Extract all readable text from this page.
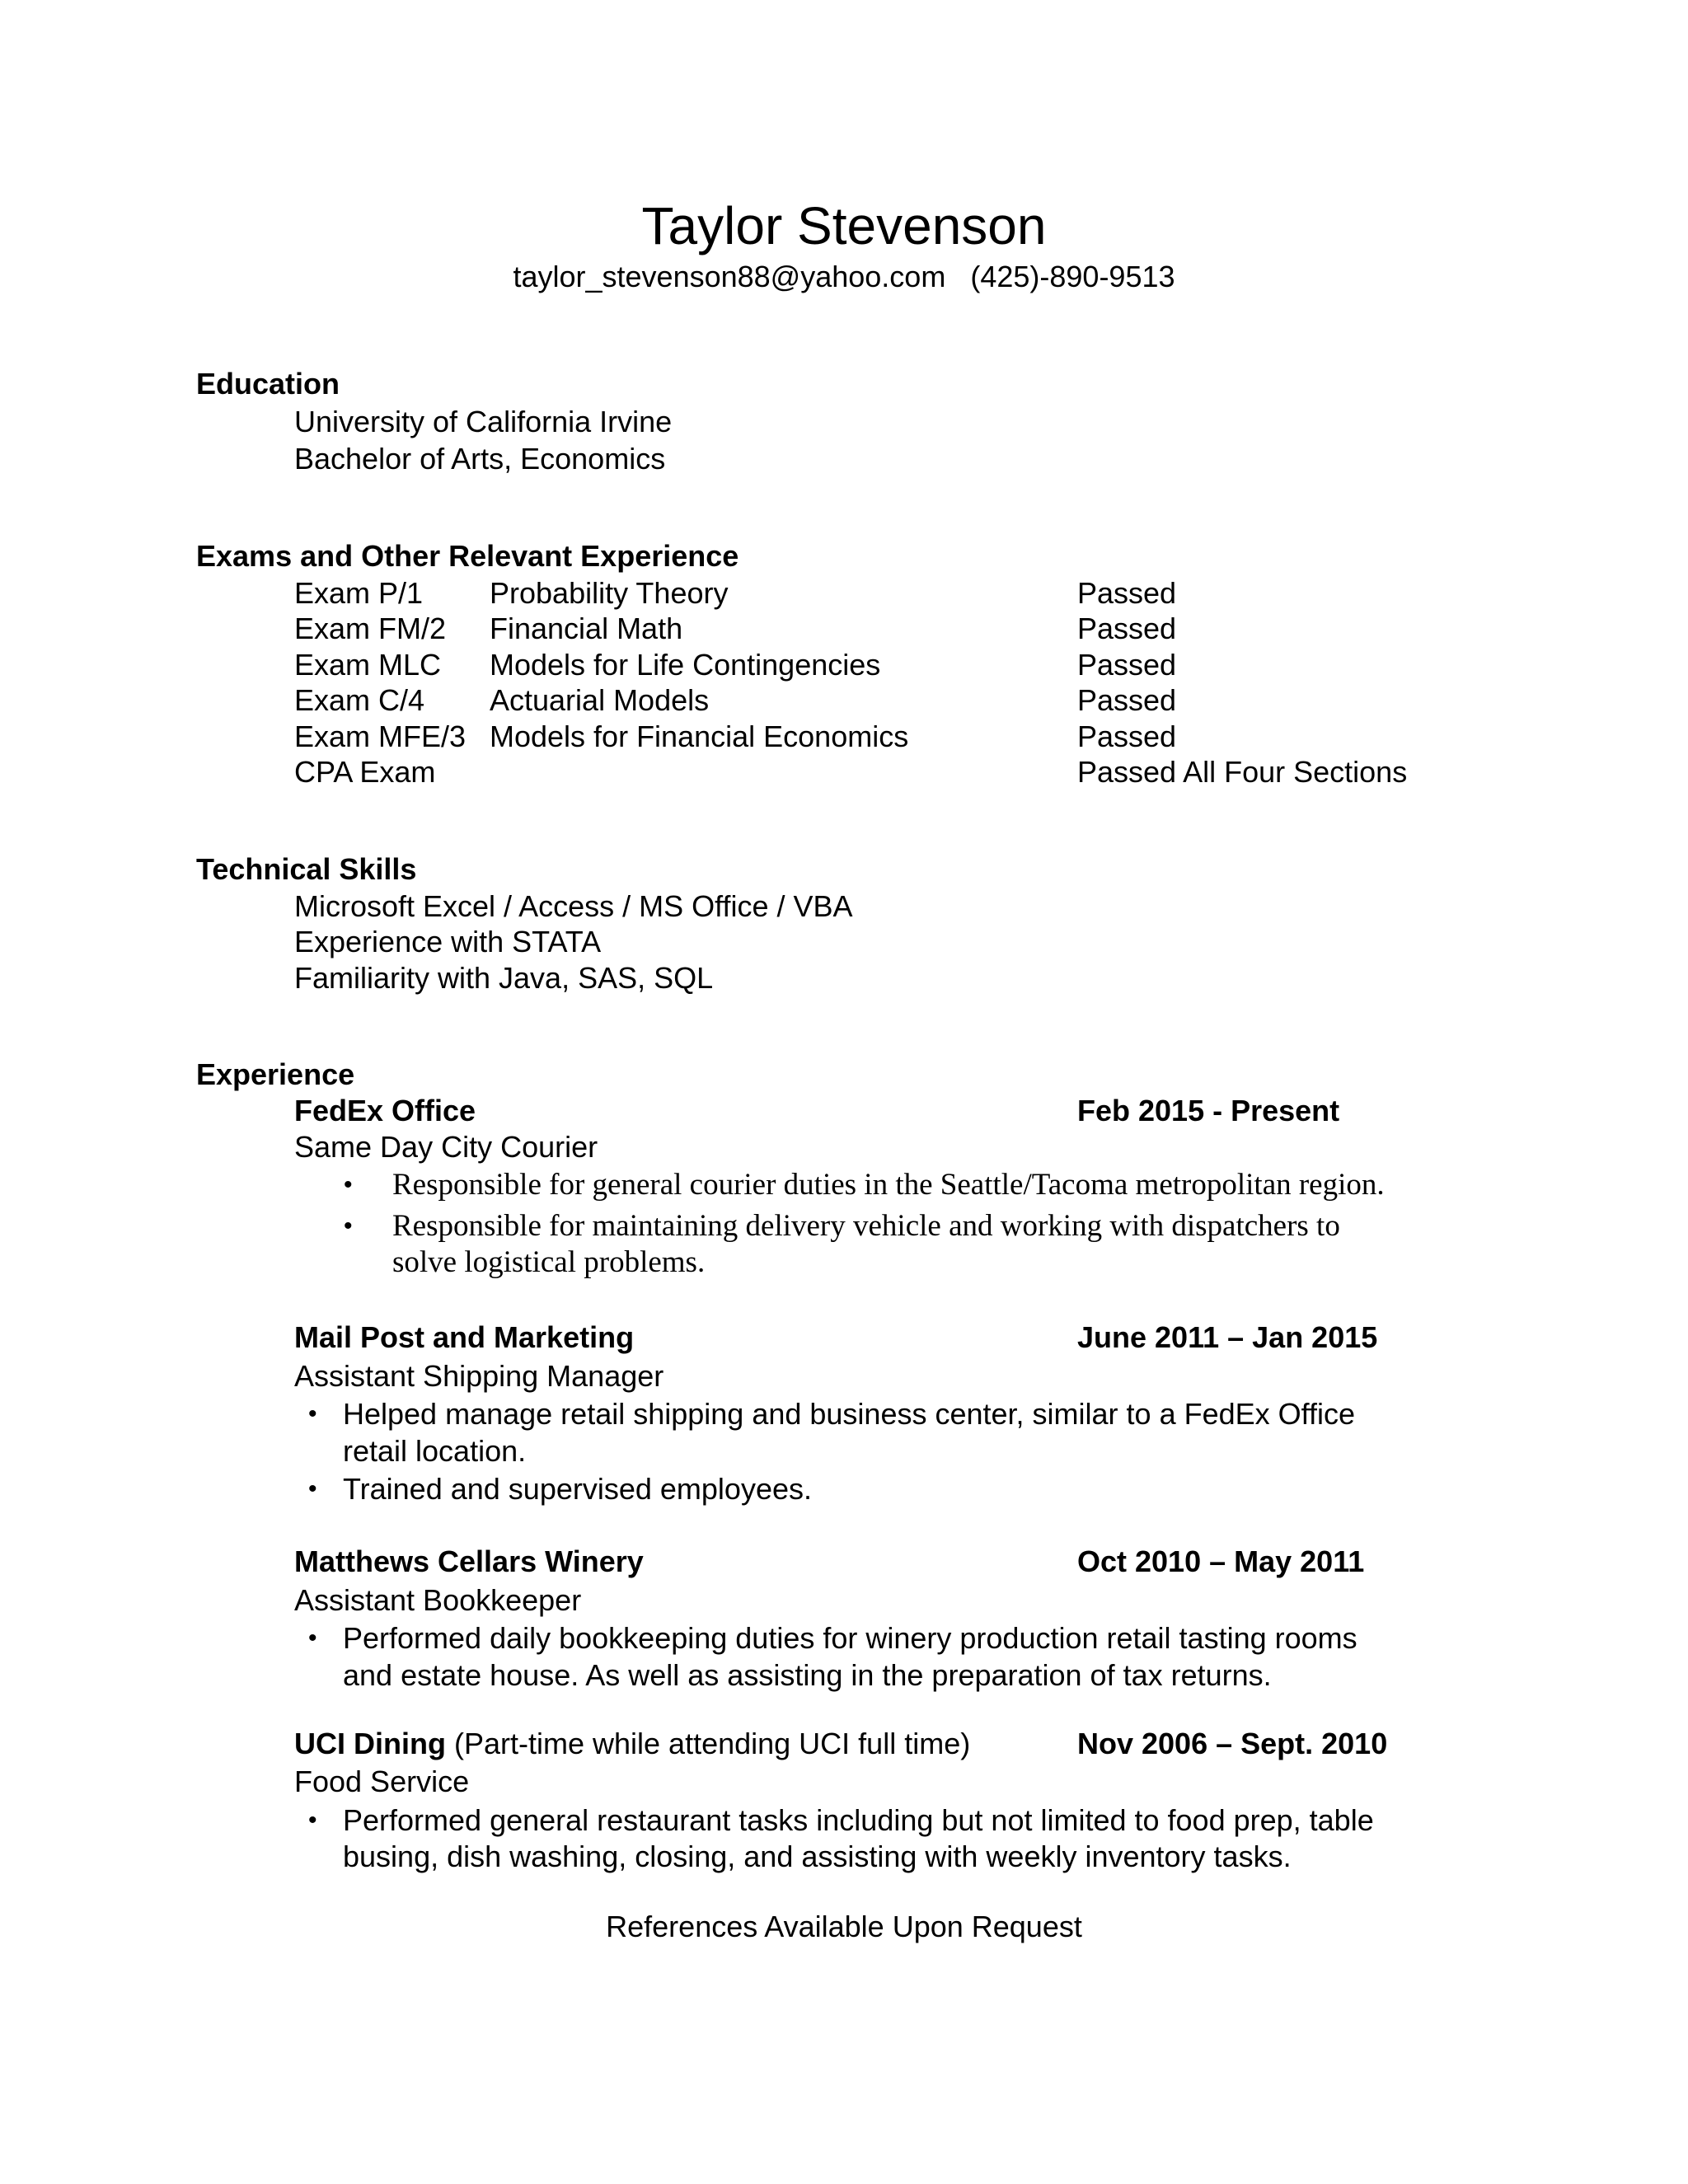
Taylor Stevenson
taylor_stevenson88@yahoo.com (425)-890-9513
Education
University of California Irvine
Bachelor of Arts, Economics
Exams and Other Relevant Experience
Exam P/1 Probability Theory	Passed
Exam FM/2 Financial Math	Passed
Exam MLC Models for Life Contingencies	Passed
Exam C/4 Actuarial Models	Passed
Exam MFE/3 Models for Financial Economics	Passed
CPA Exam	Passed All Four Sections
Technical Skills
Microsoft Excel / Access / MS Office / VBA
Experience with STATA
Familiarity with Java, SAS, SQL
Experience
FedEx Office	Feb 2015 - Present
Same Day City Courier
• Responsible for general courier duties in the Seattle/Tacoma metropolitan region.
• Responsible for maintaining delivery vehicle and working with dispatchers to
solve logistical problems.
Mail Post and Marketing	June 2011 – Jan 2015
Assistant Shipping Manager
• Helped manage retail shipping and business center, similar to a FedEx Office
retail location.
• Trained and supervised employees.
Matthews Cellars Winery	Oct 2010 – May 2011
Assistant Bookkeeper
• Performed daily bookkeeping duties for winery production retail tasting rooms
and estate house. As well as assisting in the preparation of tax returns.
UCI Dining (Part-time while attending UCI full time)	Nov 2006 – Sept. 2010
Food Service
• Performed general restaurant tasks including but not limited to food prep, table
busing, dish washing, closing, and assisting with weekly inventory tasks.
References Available Upon Request
